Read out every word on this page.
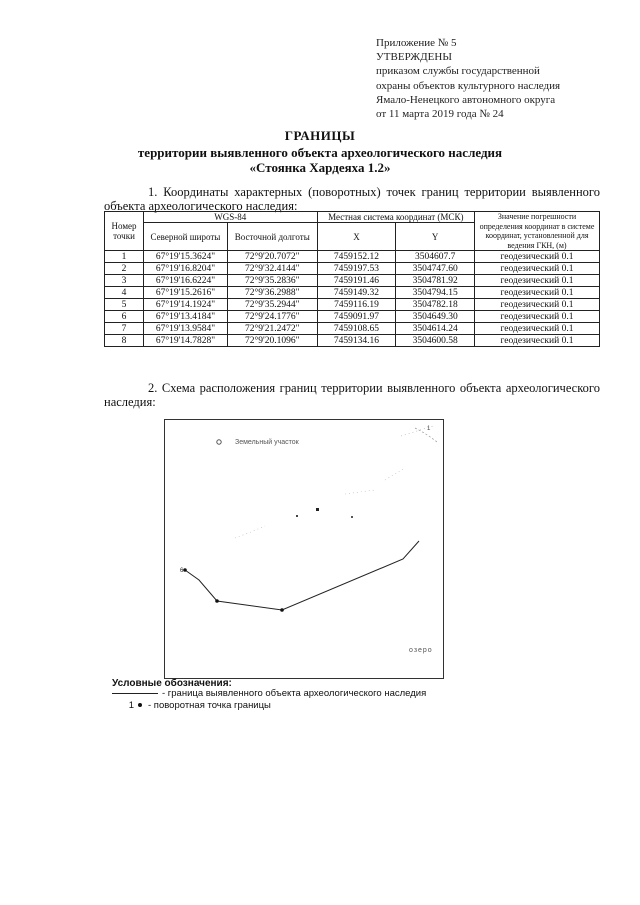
Приложение № 5
УТВЕРЖДЕНЫ
приказом службы государственной
охраны объектов культурного наследия
Ямало-Ненецкого автономного округа
от 11 марта 2019 года № 24
ГРАНИЦЫ
территории выявленного объекта археологического наследия
«Стоянка Хардеяха 1.2»
1. Координаты характерных (поворотных) точек границ территории выявленного объекта археологического наследия:
Номер точки	WGS-84		Местная система координат (МСК)		Значение погрешности определения координат в системе координат, установленной для ведения ГКН, (м)
	Северной широты	Восточной долготы	X	Y	
1	67°19'15.3624"	72°9'20.7072"	7459152.12	3504607.7	геодезический 0.1
2	67°19'16.8204"	72°9'32.4144"	7459197.53	3504747.60	геодезический 0.1
3	67°19'16.6224"	72°9'35.2836"	7459191.46	3504781.92	геодезический 0.1
4	67°19'15.2616"	72°9'36.2988"	7459149.32	3504794.15	геодезический 0.1
5	67°19'14.1924"	72°9'35.2944"	7459116.19	3504782.18	геодезический 0.1
6	67°19'13.4184"	72°9'24.1776"	7459091.97	3504649.30	геодезический 0.1
7	67°19'13.9584"	72°9'21.2472"	7459108.65	3504614.24	геодезический 0.1
8	67°19'14.7828"	72°9'20.1096"	7459134.16	3504600.58	геодезический 0.1
2. Схема расположения границ территории выявленного объекта археологического наследия:
Земельный участок
6
1
озеро
Условные обозначения:
- граница выявленного объекта археологического наследия
1 - поворотная точка границы
